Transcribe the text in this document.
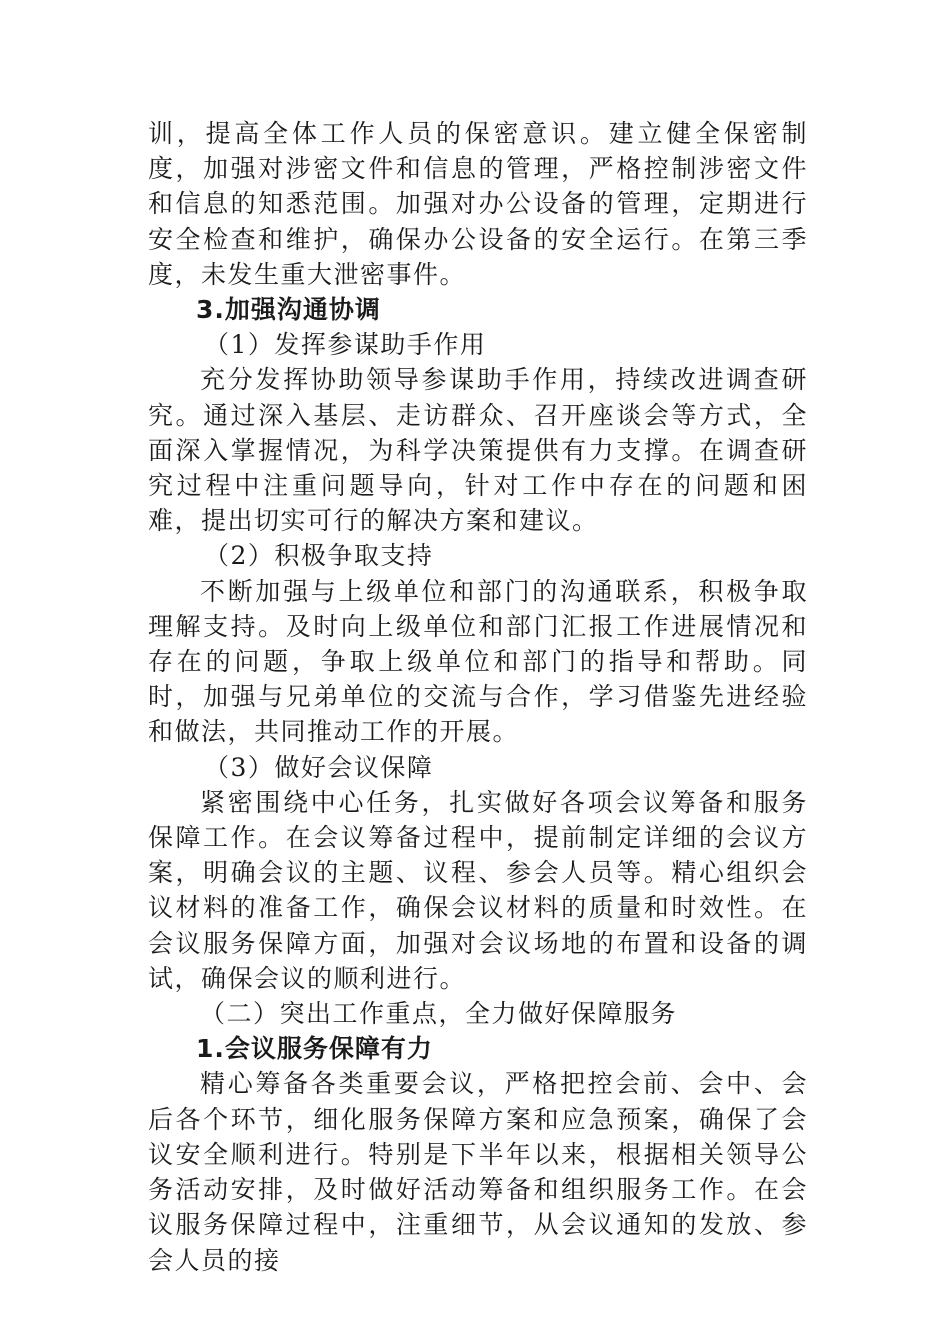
训，提高全体工作人员的保密意识。建立健全保密制度，加强对涉密文件和信息的管理，严格控制涉密文件和信息的知悉范围。加强对办公设备的管理，定期进行安全检查和维护，确保办公设备的安全运行。在第三季度，未发生重大泄密事件。

3.加强沟通协调

（1）发挥参谋助手作用

充分发挥协助领导参谋助手作用，持续改进调查研究。通过深入基层、走访群众、召开座谈会等方式，全面深入掌握情况，为科学决策提供有力支撑。在调查研究过程中注重问题导向，针对工作中存在的问题和困难，提出切实可行的解决方案和建议。

（2）积极争取支持

不断加强与上级单位和部门的沟通联系，积极争取理解支持。及时向上级单位和部门汇报工作进展情况和存在的问题，争取上级单位和部门的指导和帮助。同时，加强与兄弟单位的交流与合作，学习借鉴先进经验和做法，共同推动工作的开展。

（3）做好会议保障

紧密围绕中心任务，扎实做好各项会议筹备和服务保障工作。在会议筹备过程中，提前制定详细的会议方案，明确会议的主题、议程、参会人员等。精心组织会议材料的准备工作，确保会议材料的质量和时效性。在会议服务保障方面，加强对会议场地的布置和设备的调试，确保会议的顺利进行。

（二）突出工作重点，全力做好保障服务

1.会议服务保障有力

精心筹备各类重要会议，严格把控会前、会中、会后各个环节，细化服务保障方案和应急预案，确保了会议安全顺利进行。特别是下半年以来，根据相关领导公务活动安排，及时做好活动筹备和组织服务工作。在会议服务保障过程中，注重细节，从会议通知的发放、参会人员的接
